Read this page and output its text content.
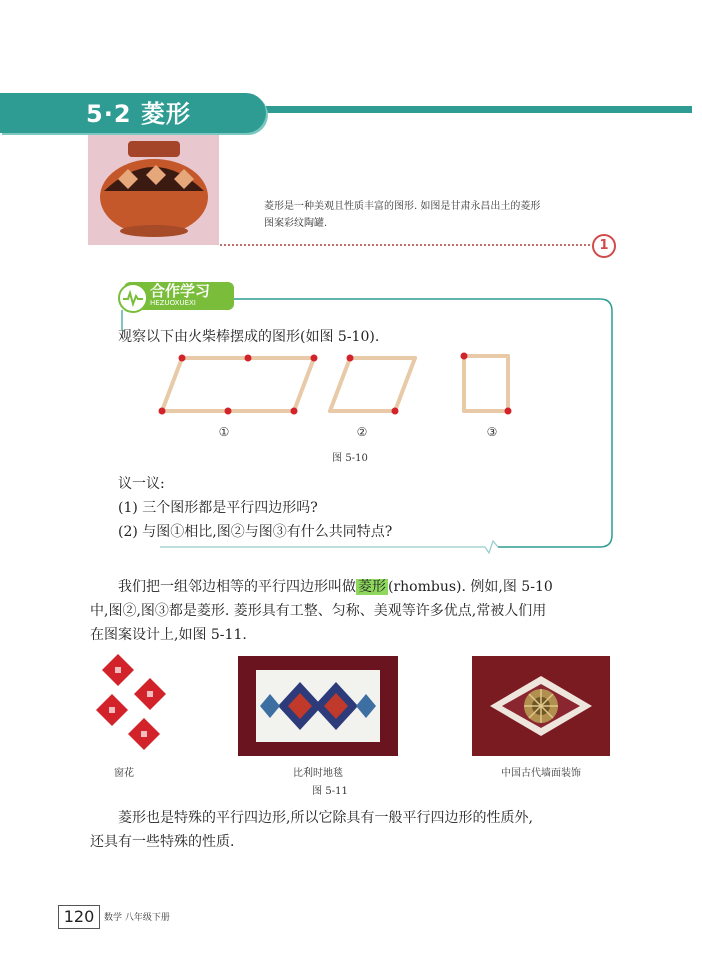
5·2 菱形
菱形是一种美观且性质丰富的图形. 如图是甘肃永昌出土的菱形
图案彩纹陶罐.
1
合作学习
HEZUOXUEXI
观察以下由火柴棒摆成的图形(如图 5-10).
①	②	③
图 5-10
议一议:
(1) 三个图形都是平行四边形吗?
(2) 与图①相比,图②与图③有什么共同特点?
我们把一组邻边相等的平行四边形叫做 菱形 (rhombus). 例如,图 5-10
中,图②,图③都是菱形. 菱形具有工整、匀称、美观等许多优点,常被人们用
在图案设计上,如图 5-11.
窗花	比利时地毯	中国古代墙面装饰
图 5-11
菱形也是特殊的平行四边形,所以它除具有一般平行四边形的性质外,
还具有一些特殊的性质.
120	数学 八年级下册
